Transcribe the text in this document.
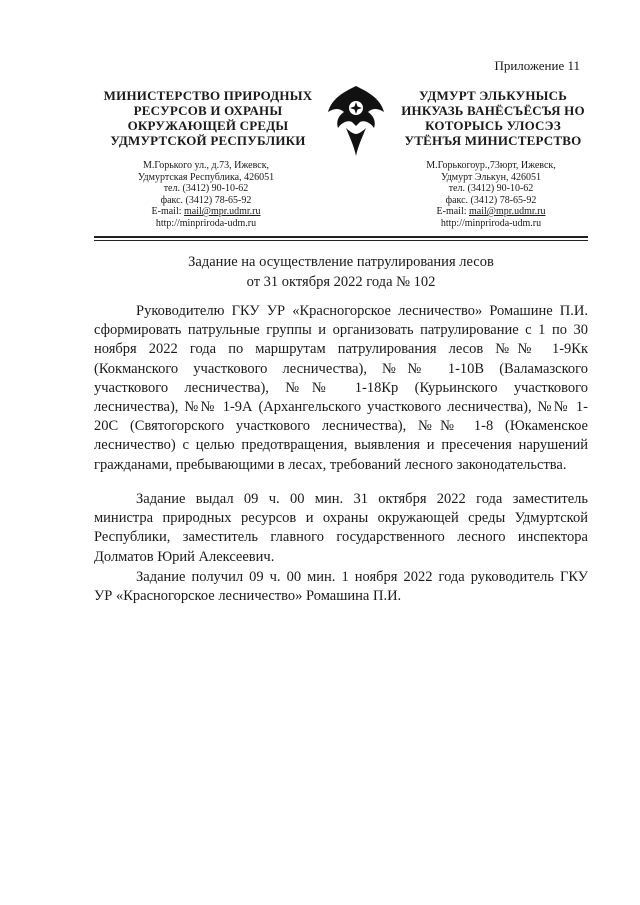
Приложение 11
МИНИСТЕРСТВО ПРИРОДНЫХ
РЕСУРСОВ И ОХРАНЫ
ОКРУЖАЮЩЕЙ СРЕДЫ
УДМУРТСКОЙ РЕСПУБЛИКИ
УДМУРТ ЭЛЬКУНЫСЬ
ИНКУАЗЬ ВАНЁСЪЁСЪЯ НО
КОТОРЫСЬ УЛОСЭЗ
УТЁНЪЯ МИНИСТЕРСТВО
М.Горького ул., д.73, Ижевск,
Удмуртская Республика, 426051
тел. (3412) 90-10-62
факс. (3412) 78-65-92
E-mail: mail@mpr.udmr.ru
http://minpriroda-udm.ru
М.Горькогоур.,73юрт, Ижевск,
Удмурт Элькун, 426051
тел. (3412) 90-10-62
факс. (3412) 78-65-92
E-mail: mail@mpr.udmr.ru
http://minpriroda-udm.ru
Задание на осуществление патрулирования лесов
от 31 октября 2022 года № 102
Руководителю ГКУ УР «Красногорское лесничество» Ромашине П.И.
сформировать патрульные группы и организовать патрулирование с 1 по 30
ноября 2022 года по маршрутам патрулирования лесов №№ 1-9Кк
(Кокманского участкового лесничества), №№ 1-10В (Валамазского
участкового лесничества), №№ 1-18Кр (Курьинского участкового
лесничества), №№ 1-9А (Архангельского участкового лесничества), №№ 1-
20С (Святогорского участкового лесничества), №№ 1-8 (Юкаменское
лесничество) с целью предотвращения, выявления и пресечения нарушений
гражданами, пребывающими в лесах, требований лесного законодательства.
Задание выдал 09 ч. 00 мин. 31 октября 2022 года заместитель
министра природных ресурсов и охраны окружающей среды Удмуртской
Республики, заместитель главного государственного лесного инспектора
Долматов Юрий Алексеевич.
Задание получил 09 ч. 00 мин. 1 ноября 2022 года руководитель ГКУ
УР «Красногорское лесничество» Ромашина П.И.
